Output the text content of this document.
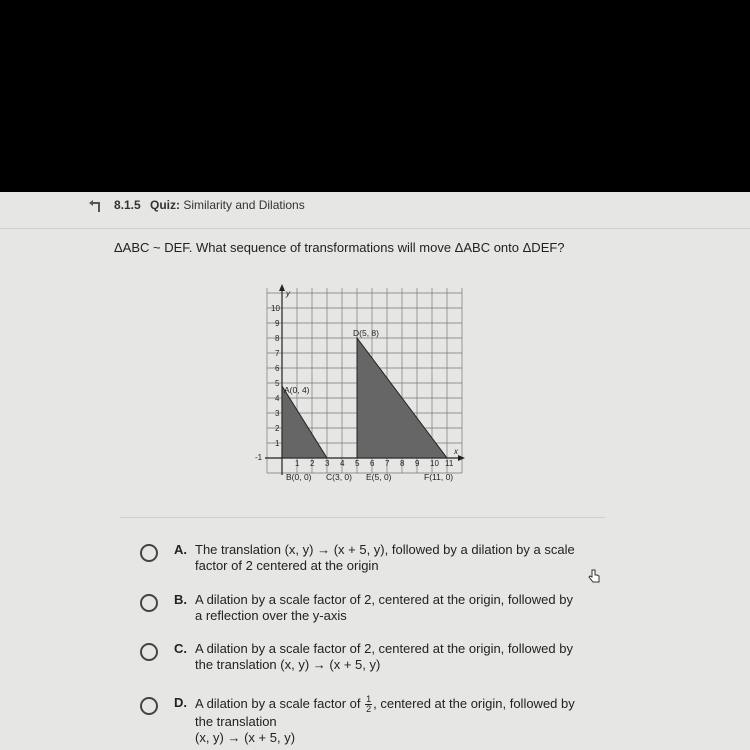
8.1.5 Quiz: Similarity and Dilations
ΔABC ~ DEF. What sequence of transformations will move ΔABC onto ΔDEF?
-1
1 2 3 4 5 6 7 8 9 10 11
10
9
8
7
6
5
4
3
2
1
y
x
A(0, 4)
D(5, 8)
B(0, 0) C(3, 0) E(5, 0)	F(11, 0)
A. The translation (x, y) → (x + 5, y), followed by a dilation by a scale
factor of 2 centered at the origin
B. A dilation by a scale factor of 2, centered at the origin, followed by
a reflection over the y-axis
C. A dilation by a scale factor of 2, centered at the origin, followed by
the translation (x, y) → (x + 5, y)
D. A dilation by a scale factor of $\frac{1}{2}$ , centered at the origin, followed by
the translation
(x, y) → (x + 5, y)
